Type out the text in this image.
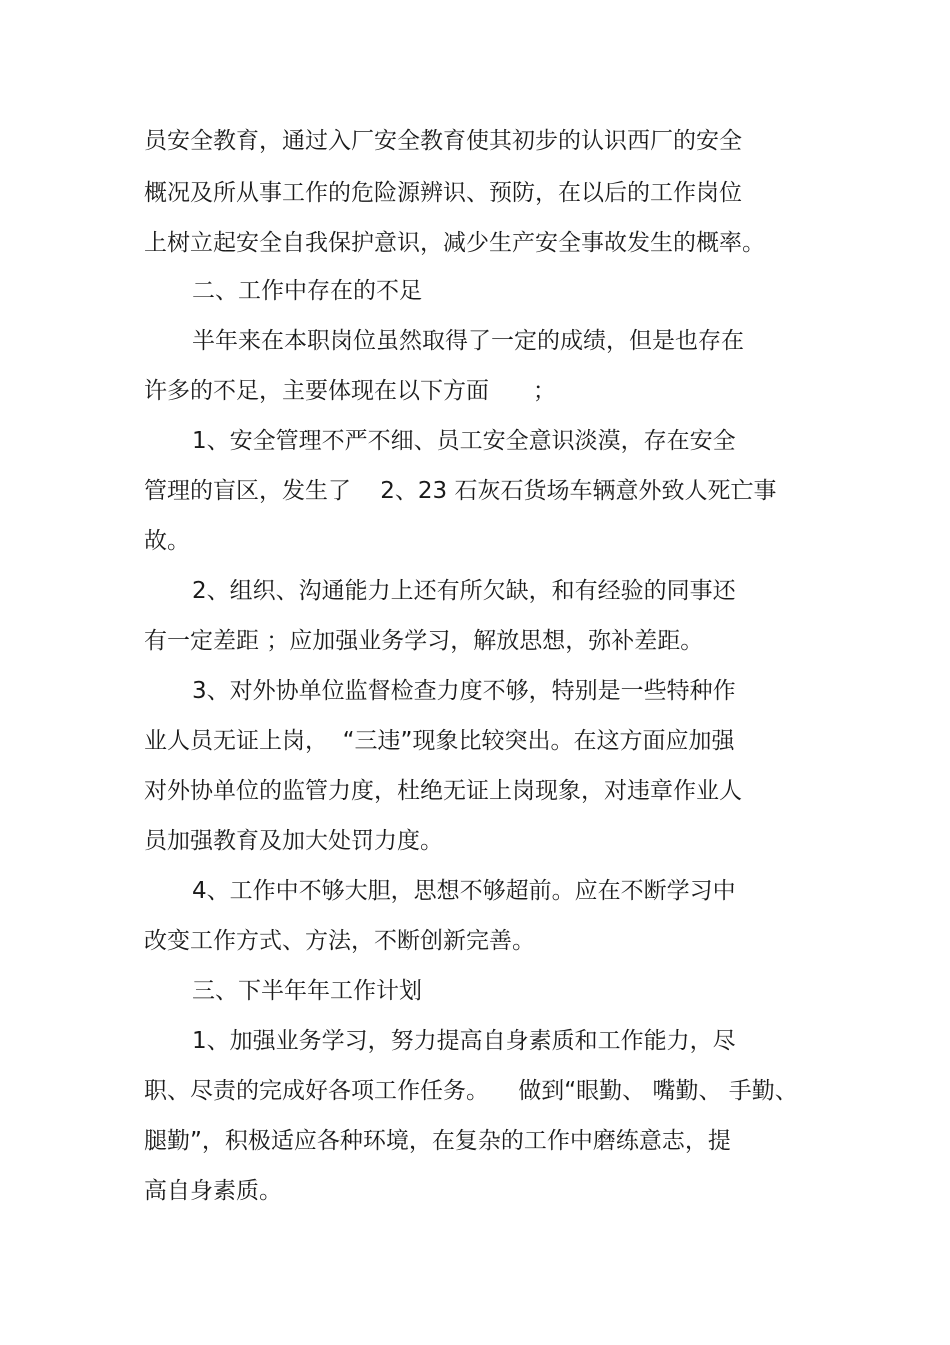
员安全教育，通过入厂安全教育使其初步的认识西厂的安全
概况及所从事工作的危险源辨识、预防，在以后的工作岗位
上树立起安全自我保护意识，减少生产安全事故发生的概率。
二、工作中存在的不足
半年来在本职岗位虽然取得了一定的成绩，但是也存在
许多的不足，主要体现在以下方面      ；
1、安全管理不严不细、员工安全意识淡漠，存在安全
管理的盲区，发生了    2、23 石灰石货场车辆意外致人死亡事
故。
2、组织、沟通能力上还有所欠缺，和有经验的同事还
有一定差距 ；应加强业务学习，解放思想，弥补差距。
3、对外协单位监督检查力度不够，特别是一些特种作
业人员无证上岗，  “三违”现象比较突出。在这方面应加强
对外协单位的监管力度，杜绝无证上岗现象，对违章作业人
员加强教育及加大处罚力度。
4、工作中不够大胆，思想不够超前。应在不断学习中
改变工作方式、方法，不断创新完善。
三、下半年年工作计划
1、加强业务学习，努力提高自身素质和工作能力，尽
职、尽责的完成好各项工作任务。    做到“眼勤、 嘴勤、 手勤、
腿勤”，积极适应各种环境，在复杂的工作中磨练意志，提
高自身素质。
